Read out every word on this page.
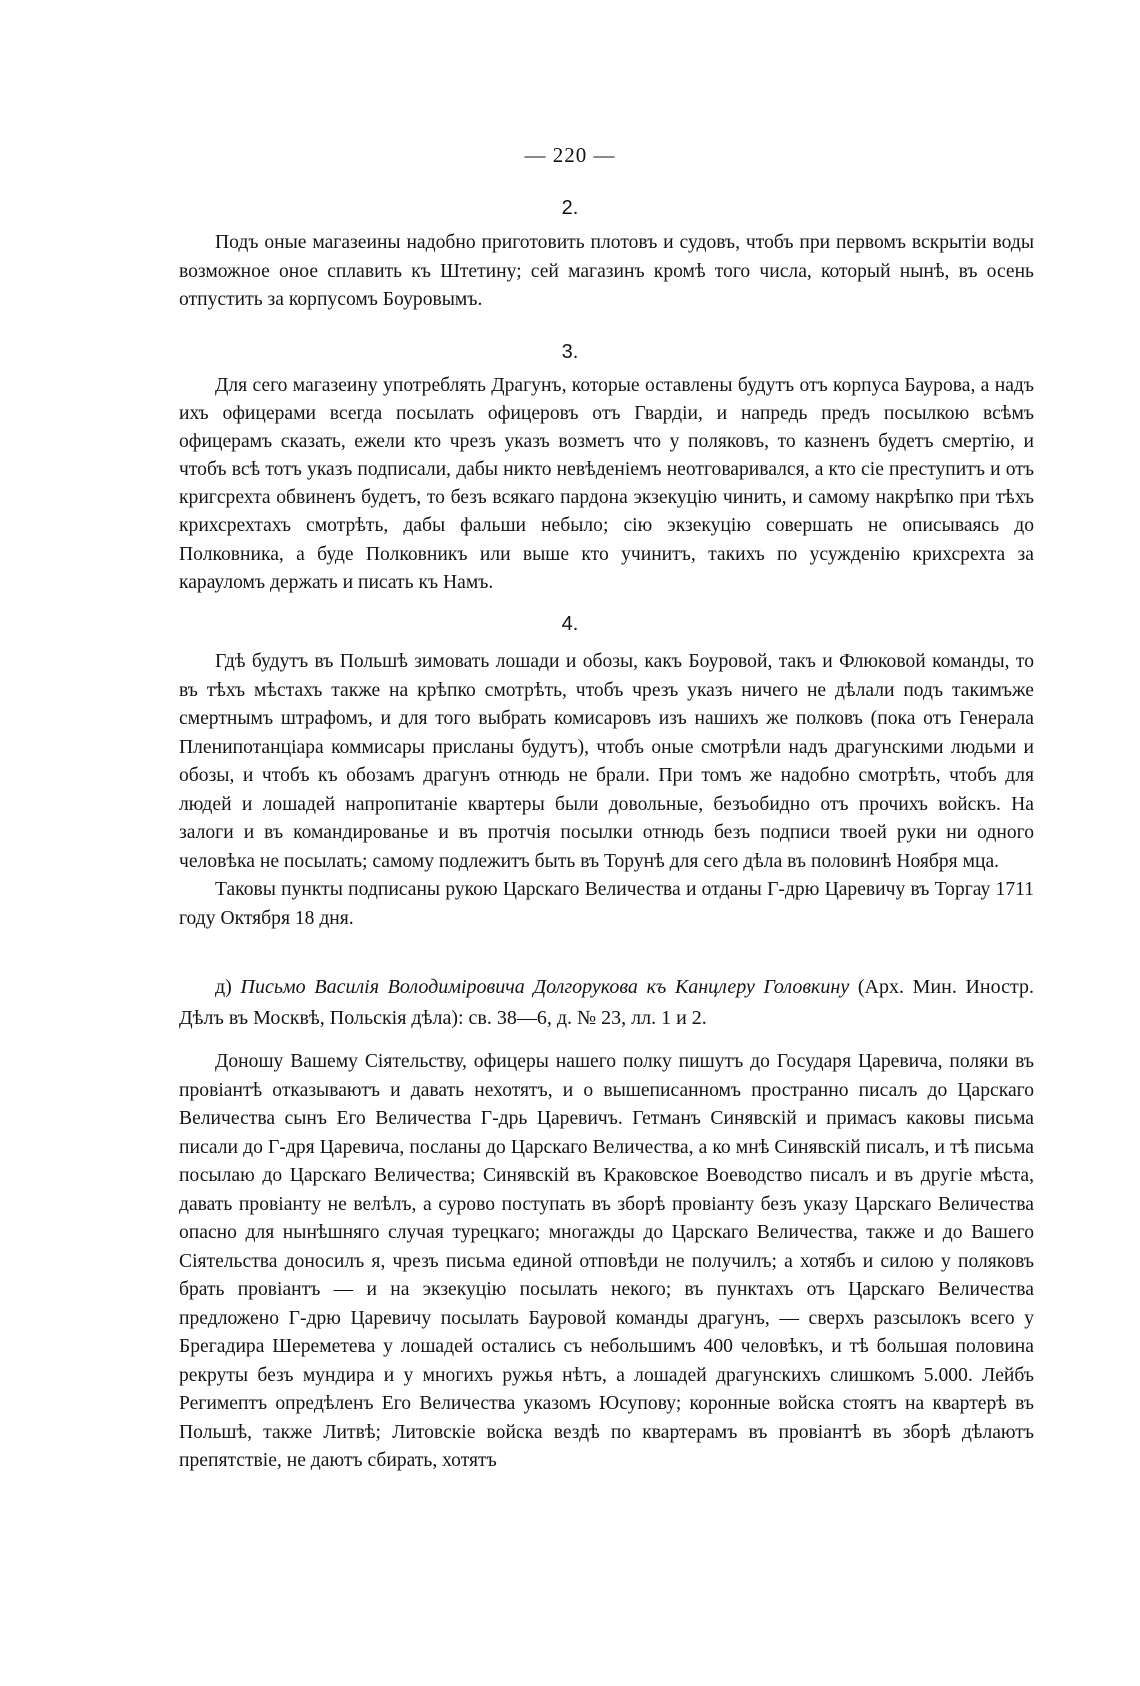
— 220 —
2.

Подъ оные магазеины надобно приготовить плотовъ и судовъ, чтобъ при первомъ вскрытіи воды возможное оное сплавить къ Штетину; сей магазинъ кромѣ того числа, который нынѣ, въ осень отпустить за корпусомъ Боуровымъ.

3.

Для сего магазеину употреблять Драгунъ, которые оставлены будутъ отъ корпуса Баурова, а надъ ихъ офицерами всегда посылать офицеровъ отъ Гвардіи, и напредь предъ посылкою всѣмъ офицерамъ сказать, ежели кто чрезъ указъ возметъ что у поляковъ, то казненъ будетъ смертію, и чтобъ всѣ тотъ указъ подписали, дабы никто невѣденіемъ неотговаривался, а кто сіе преступитъ и отъ кригсрехта обвиненъ будетъ, то безъ всякаго пардона экзекуцію чинить, и самому накрѣпко при тѣхъ крихсрехтахъ смотрѣть, дабы фальши небыло; сію экзекуцію совершать не описываясь до Полковника, а буде Полковникъ или выше кто учинитъ, такихъ по усужденію крихсрехта за карауломъ держать и писать къ Намъ.

4.

Гдѣ будутъ въ Польшѣ зимовать лошади и обозы, какъ Боуровой, такъ и Флюковой команды, то въ тѣхъ мѣстахъ также на крѣпко смотрѣть, чтобъ чрезъ указъ ничего не дѣлали подъ такимъже смертнымъ штрафомъ, и для того выбрать комисаровъ изъ нашихъ же полковъ (пока отъ Генерала Пленипотанціара коммисары присланы будутъ), чтобъ оные смотрѣли надъ драгунскими людьми и обозы, и чтобъ къ обозамъ драгунъ отнюдь не брали. При томъ же надобно смотрѣть, чтобъ для людей и лошадей напропитаніе квартеры были довольные, безъобидно отъ прочихъ войскъ. На залоги и въ командированье и въ протчія посылки отнюдь безъ подписи твоей руки ни одного человѣка не посылать; самому подлежитъ быть въ Торунѣ для сего дѣла въ половинѣ Ноября мца.

Таковы пункты подписаны рукою Царскаго Величества и отданы Г-дрю Царевичу въ Торгау 1711 году Октября 18 дня.

д) Письмо Василія Володиміровича Долгорукова къ Канцлеру Головкину (Арх. Мин. Иностр. Дѣлъ въ Москвѣ, Польскія дѣла): св. 38—6, д. № 23, лл. 1 и 2.

Доношу Вашему Сіятельству, офицеры нашего полку пишутъ до Государя Царевича, поляки въ провіантѣ отказываютъ и давать нехотятъ, и о вышеписанномъ пространно писалъ до Царскаго Величества сынъ Его Величества Г-дрь Царевичъ. Гетманъ Синявскій и примасъ каковы письма писали до Г-дря Царевича, посланы до Царскаго Величества, а ко мнѣ Синявскій писалъ, и тѣ письма посылаю до Царскаго Величества; Синявскій въ Краковское Воеводство писалъ и въ другіе мѣста, давать провіанту не велѣлъ, а сурово поступать въ зборѣ провіанту безъ указу Царскаго Величества опасно для нынѣшняго случая турецкаго; многажды до Царскаго Величества, также и до Вашего Сіятельства доносилъ я, чрезъ письма единой отповѣди не получилъ; а хотябъ и силою у поляковъ брать провіантъ — и на экзекуцію посылать некого; въ пунктахъ отъ Царскаго Величества предложено Г-дрю Царевичу посылать Бауровой команды драгунъ, — сверхъ разсылокъ всего у Брегадира Шереметева у лошадей остались съ небольшимъ 400 человѣкъ, и тѣ большая половина рекруты безъ мундира и у многихъ ружья нѣтъ, а лошадей драгунскихъ слишкомъ 5.000. Лейбъ Регимептъ опредѣленъ Его Величества указомъ Юсупову; коронные войска стоятъ на квартерѣ въ Польшѣ, также Литвѣ; Литовскіе войска вездѣ по квартерамъ въ провіантѣ въ зборѣ дѣлаютъ препятствіе, не даютъ сбирать, хотятъ
